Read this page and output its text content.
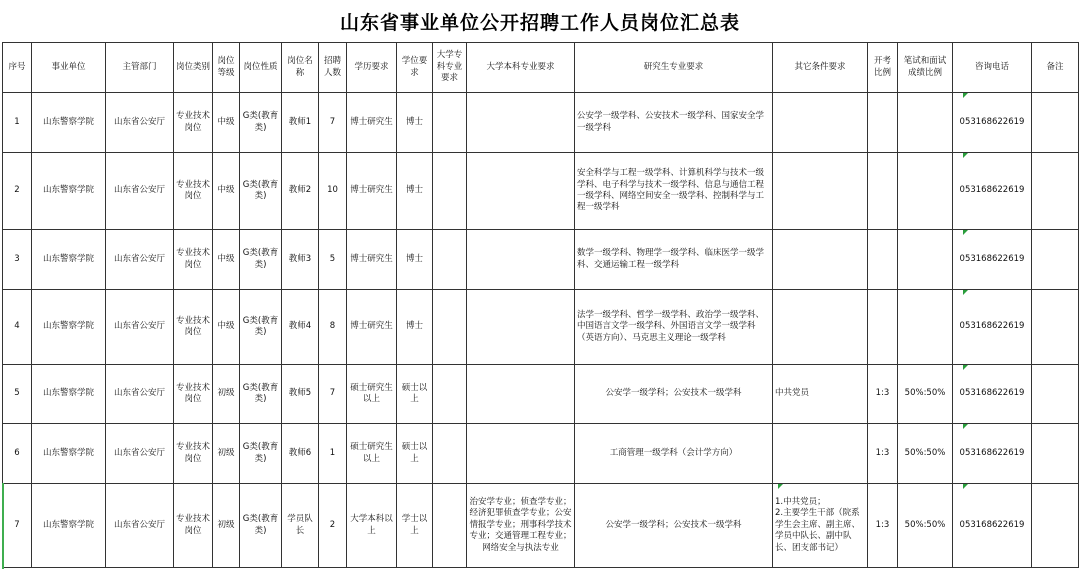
山东省事业单位公开招聘工作人员岗位汇总表
序号	事业单位	主管部门	岗位类别	岗位等级	岗位性质	岗位名称	招聘人数	学历要求	学位要求	大学专科专业要求	大学本科专业要求	研究生专业要求	其它条件要求	开考比例	笔试和面试成绩比例	咨询电话	备注
1	山东警察学院	山东省公安厅	专业技术岗位	中级	G类(教育类)	教师1	7	博士研究生	博士			公安学一级学科、公安技术一级学科、国家安全学一级学科				053168622619	
2	山东警察学院	山东省公安厅	专业技术岗位	中级	G类(教育类)	教师2	10	博士研究生	博士			安全科学与工程一级学科、计算机科学与技术一级学科、电子科学与技术一级学科、信息与通信工程一级学科、网络空间安全一级学科、控制科学与工程一级学科				053168622619	
3	山东警察学院	山东省公安厅	专业技术岗位	中级	G类(教育类)	教师3	5	博士研究生	博士			数学一级学科、物理学一级学科、临床医学一级学科、交通运输工程一级学科				053168622619	
4	山东警察学院	山东省公安厅	专业技术岗位	中级	G类(教育类)	教师4	8	博士研究生	博士			法学一级学科、哲学一级学科、政治学一级学科、中国语言文学一级学科、外国语言文学一级学科（英语方向）、马克思主义理论一级学科				053168622619	
5	山东警察学院	山东省公安厅	专业技术岗位	初级	G类(教育类)	教师5	7	硕士研究生以上	硕士以上			公安学一级学科；公安技术一级学科	中共党员	1:3	50%:50%	053168622619	
6	山东警察学院	山东省公安厅	专业技术岗位	初级	G类(教育类)	教师6	1	硕士研究生以上	硕士以上			工商管理一级学科（会计学方向）		1:3	50%:50%	053168622619	
7	山东警察学院	山东省公安厅	专业技术岗位	初级	G类(教育类)	学员队长	2	大学本科以上	学士以上		治安学专业；侦查学专业；经济犯罪侦查学专业；公安情报学专业；刑事科学技术专业；交通管理工程专业；网络安全与执法专业	公安学一级学科；公安技术一级学科	1.中共党员；
2.主要学生干部（院系学生会主席、副主席、学员中队长、副中队长、团支部书记）	1:3	50%:50%	053168622619	
